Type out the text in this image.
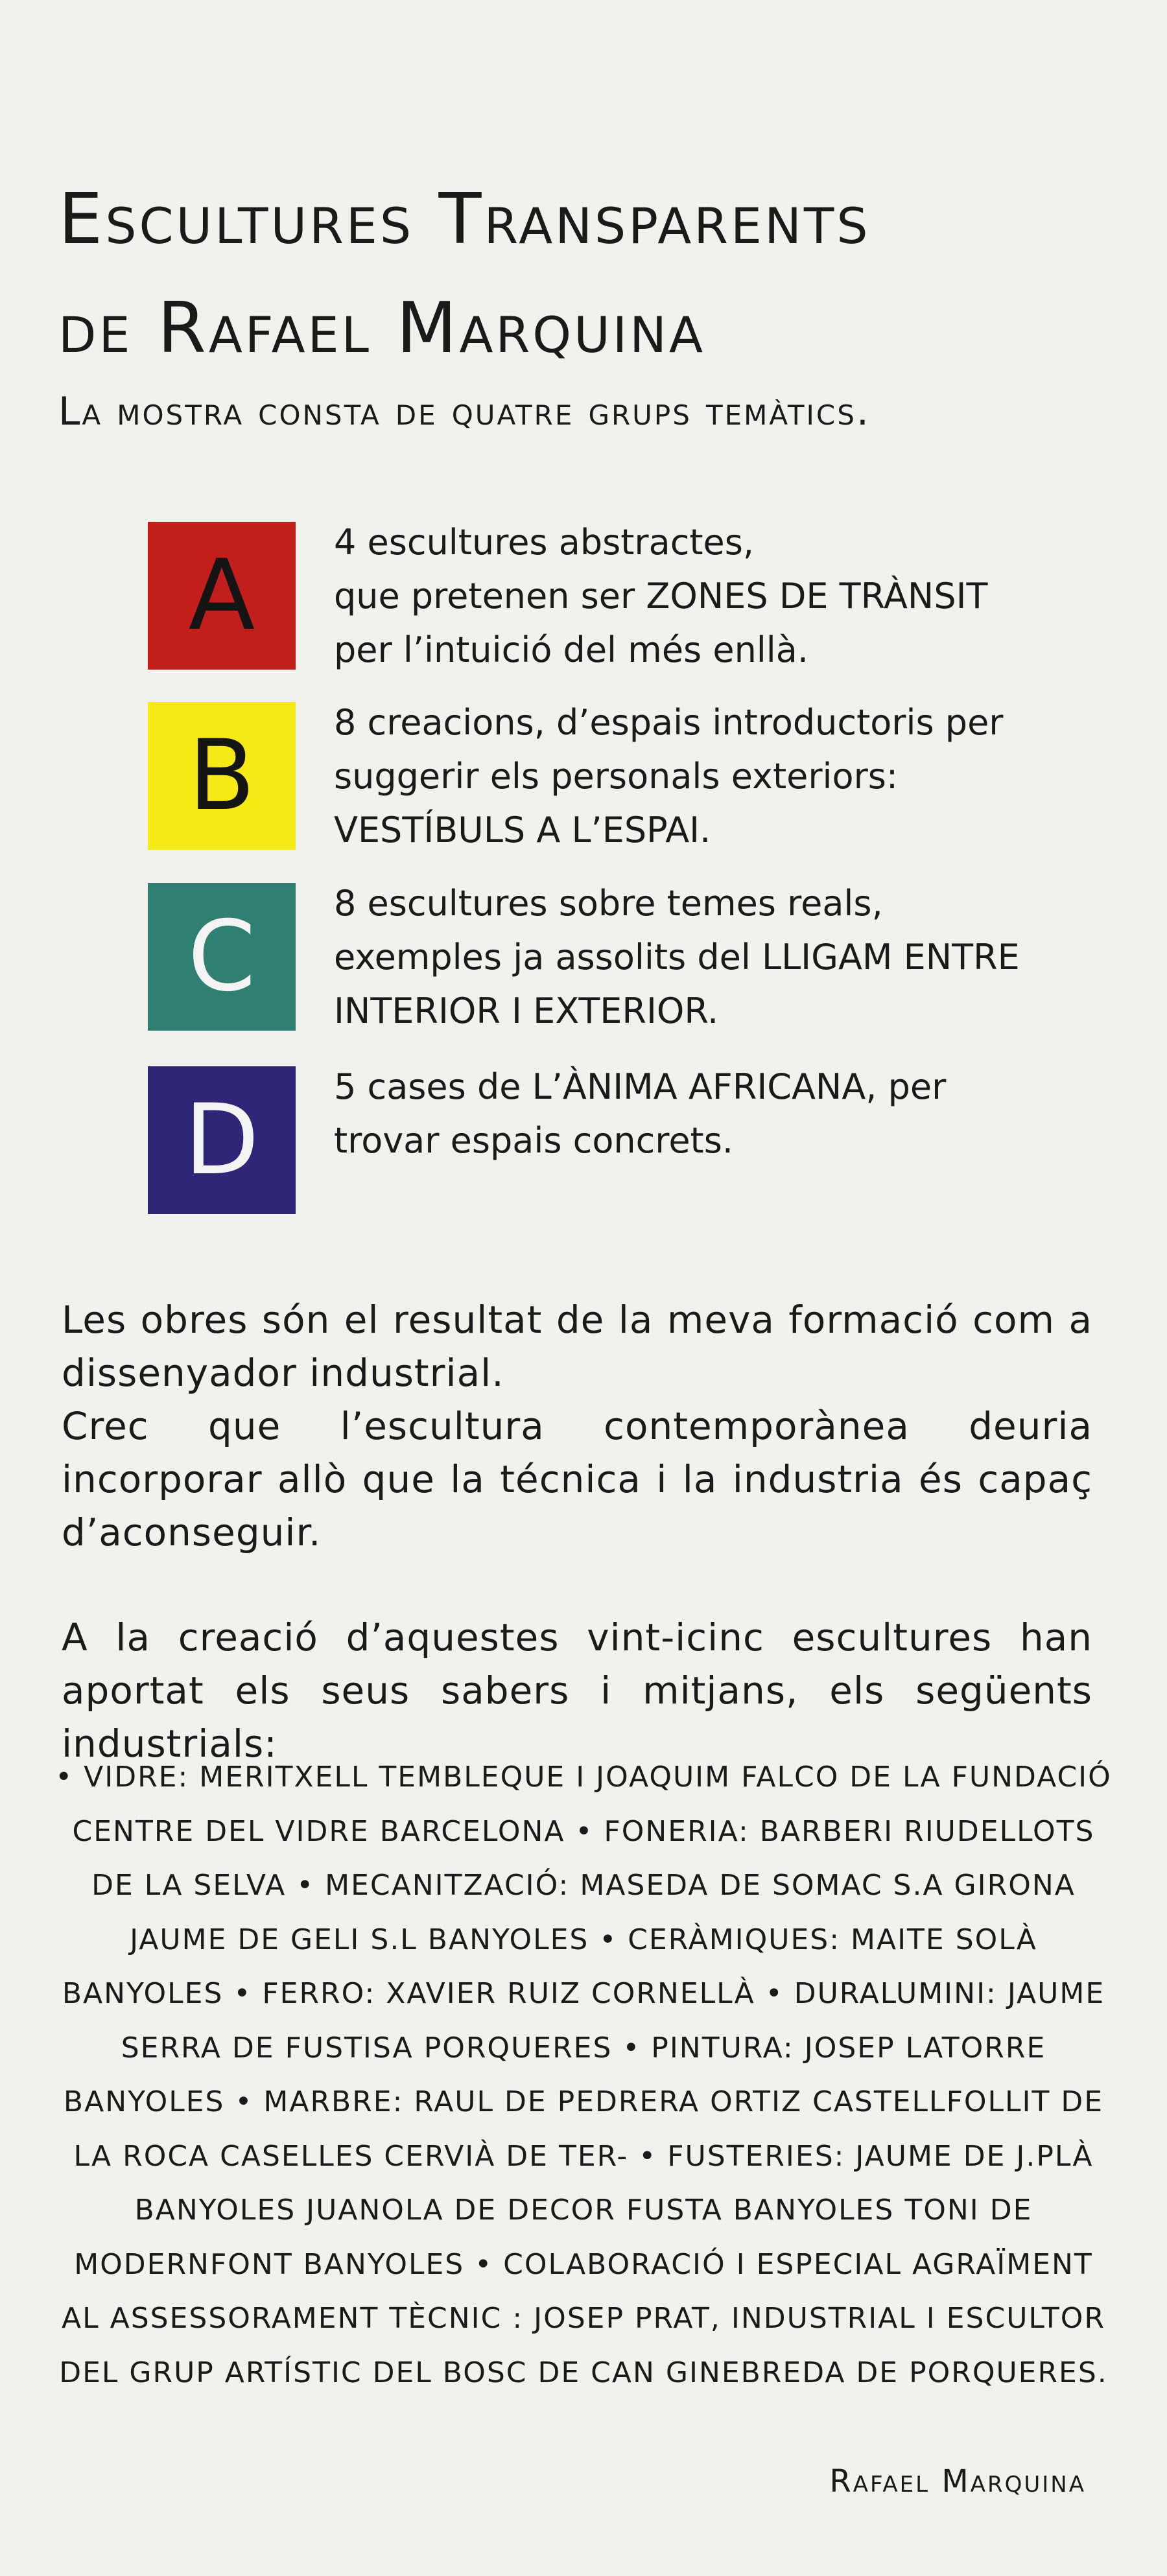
Escultures Transparents
de Rafael Marquina

La mostra consta de quatre grups temàtics.

A 4 escultures abstractes,
que pretenen ser ZONES DE TRÀNSIT
per l’intuició del més enllà.
B 8 creacions, d’espais introductoris per
suggerir els personals exteriors:
VESTÍBULS A L’ESPAI.
C 8 escultures sobre temes reals,
exemples ja assolits del LLIGAM ENTRE
INTERIOR I EXTERIOR.
D 5 cases de L’ÀNIMA AFRICANA, per
trovar espais concrets.

Les obres són el resultat de la meva formació com a dissenyador industrial.

Crec que l’escultura contemporànea deuria incorporar allò que la técnica i la industria és capaç d’aconseguir.

A la creació d’aquestes vint-icinc escultures han aportat els seus sabers i mitjans, els següents industrials:

• VIDRE: MERITXELL TEMBLEQUE I JOAQUIM FALCO DE LA FUNDACIÓ CENTRE DEL VIDRE BARCELONA • FONERIA: BARBERI RIUDELLOTS DE LA SELVA • MECANITZACIÓ: MASEDA DE SOMAC S.A GIRONA JAUME DE GELI S.L BANYOLES • CERÀMIQUES: MAITE SOLÀ BANYOLES • FERRO: XAVIER RUIZ CORNELLÀ • DURALUMINI: JAUME SERRA DE FUSTISA PORQUERES • PINTURA: JOSEP LATORRE BANYOLES • MARBRE: RAUL DE PEDRERA ORTIZ CASTELLFOLLIT DE LA ROCA CASELLES CERVIÀ DE TER- • FUSTERIES: JAUME DE J.PLÀ BANYOLES JUANOLA DE DECOR FUSTA BANYOLES TONI DE MODERNFONT BANYOLES • COLABORACIÓ I ESPECIAL AGRAÏMENT AL ASSESSORAMENT TÈCNIC : JOSEP PRAT, INDUSTRIAL I ESCULTOR DEL GRUP ARTÍSTIC DEL BOSC DE CAN GINEBREDA DE PORQUERES.
Rafael Marquina
